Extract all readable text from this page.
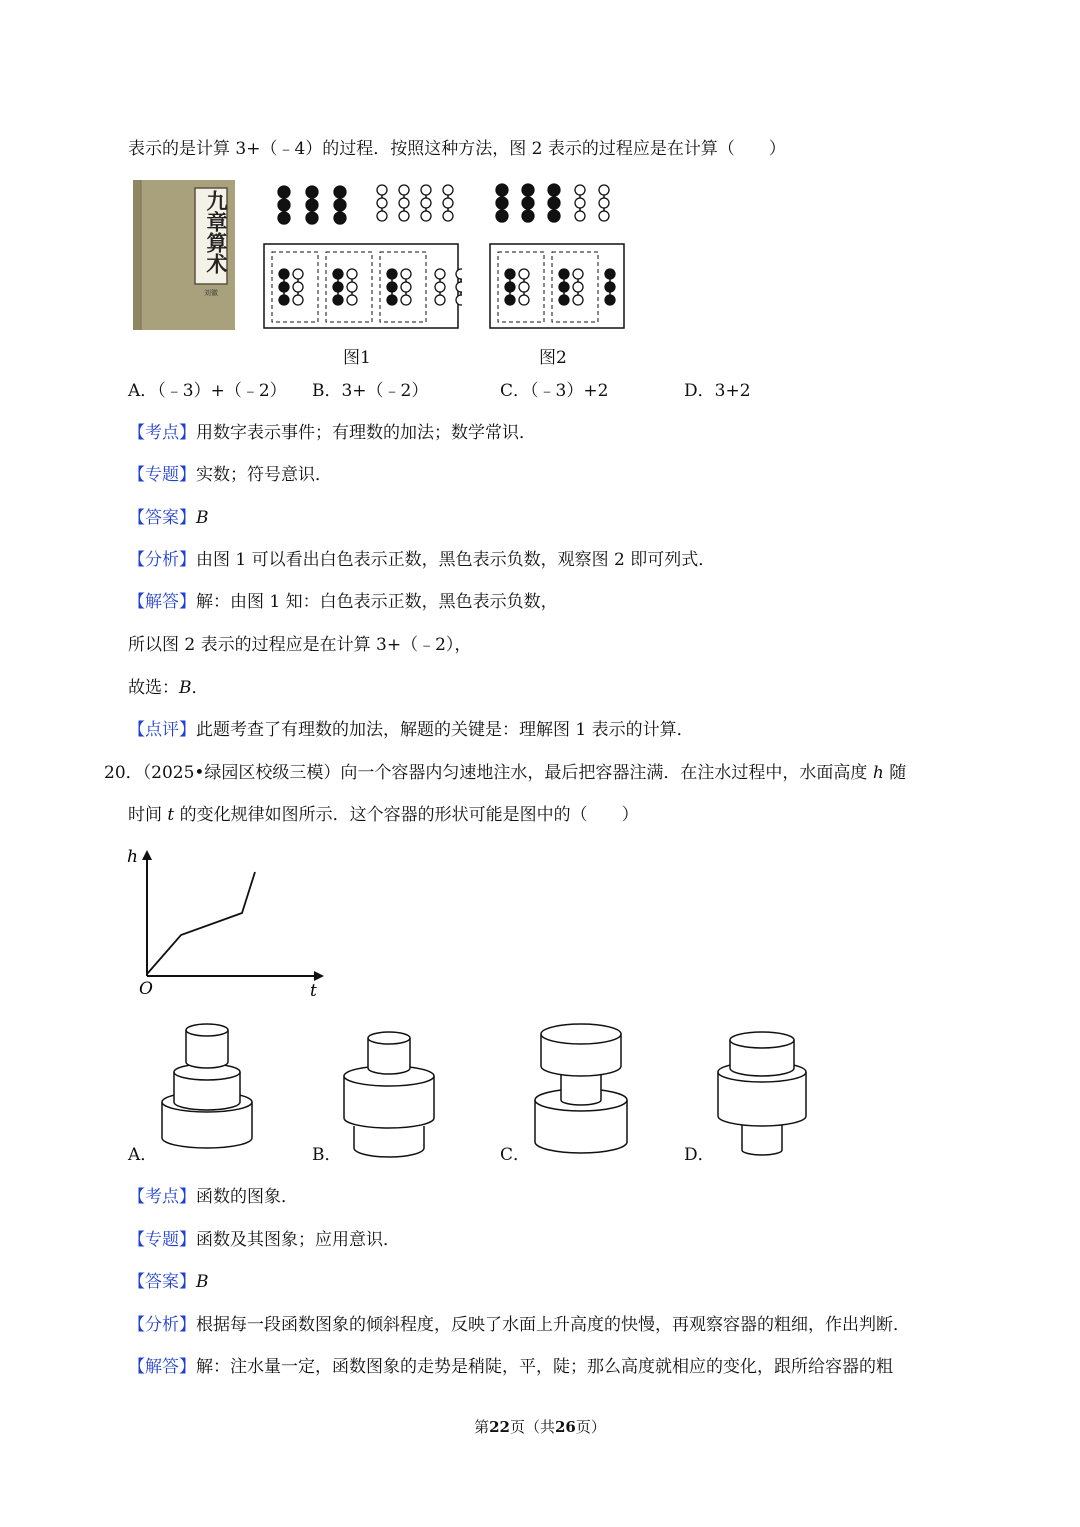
表示的是计算 3+（﹣4）的过程．按照这种方法，图 2 表示的过程应是在计算（　　）
刘徽
九章算术
图1	图2
A．（﹣3）+（﹣2） B．3+（﹣2）	C．（﹣3）+2	D．3+2
【考点】用数字表示事件；有理数的加法；数学常识．
【专题】实数；符号意识．
【答案】B
【分析】由图 1 可以看出白色表示正数，黑色表示负数，观察图 2 即可列式．
【解答】解：由图 1 知：白色表示正数，黑色表示负数，
所以图 2 表示的过程应是在计算 3+（﹣2），
故选：B．
【点评】此题考查了有理数的加法，解题的关键是：理解图 1 表示的计算．
20．（2025•绿园区校级三模）向一个容器内匀速地注水，最后把容器注满．在注水过程中，水面高度 h 随
时间 t 的变化规律如图所示．这个容器的形状可能是图中的（　　）
h
t
O
A．	B．	C．	D．
【考点】函数的图象．
【专题】函数及其图象；应用意识．
【答案】B
【分析】根据每一段函数图象的倾斜程度，反映了水面上升高度的快慢，再观察容器的粗细，作出判断．
【解答】解：注水量一定，函数图象的走势是稍陡，平，陡；那么高度就相应的变化，跟所给容器的粗
第22页（共26页）
